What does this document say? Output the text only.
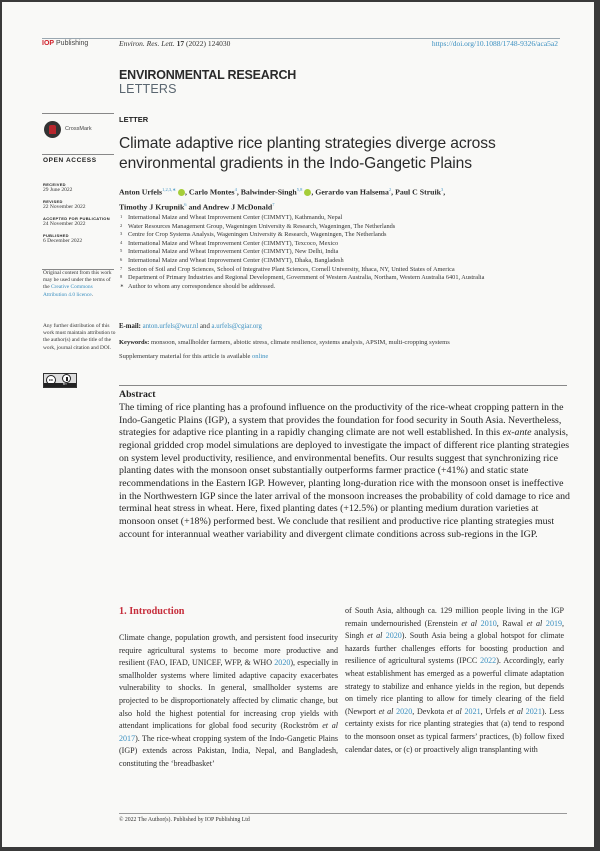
IOP Publishing	Environ. Res. Lett. 17 (2022) 124030	https://doi.org/10.1088/1748-9326/aca5a2
ENVIRONMENTAL RESEARCH
LETTERS
CrossMark
OPEN ACCESS
RECEIVED
29 June 2022
REVISED
22 November 2022
ACCEPTED FOR PUBLICATION
24 November 2022
PUBLISHED
6 December 2022
Original content from this work may be used under the terms of the Creative Commons Attribution 4.0 licence.
Any further distribution of this work must maintain attribution to the author(s) and the title of the work, journal citation and DOI.
cc
BY
LETTER
Climate adaptive rice planting strategies diverge across environmental gradients in the Indo-Gangetic Plains
Anton Urfels$^{1,2,3,∗}$ , Carlo Montes$^4$, Balwinder-Singh$^{5,8}$ , Gerardo van Halsema$^2$, Paul C Struik$^3$,
Timothy J Krupnik$^6$ and Andrew J McDonald$^7$
1 International Maize and Wheat Improvement Center (CIMMYT), Kathmandu, Nepal
2 Water Resources Management Group, Wageningen University & Research, Wageningen, The Netherlands
3 Centre for Crop Systems Analysis, Wageningen University & Research, Wageningen, The Netherlands
4 International Maize and Wheat Improvement Center (CIMMYT), Texcoco, Mexico
5 International Maize and Wheat Improvement Center (CIMMYT), New Delhi, India
6 International Maize and Wheat Improvement Center (CIMMYT), Dhaka, Bangladesh
7 Section of Soil and Crop Sciences, School of Integrative Plant Sciences, Cornell University, Ithaca, NY, United States of America
8 Department of Primary Industries and Regional Development, Government of Western Australia, Northam, Western Australia 6401, Australia
∗ Author to whom any correspondence should be addressed.
E-mail: anton.urfels@wur.nl and a.urfels@cgiar.org
Keywords: monsoon, smallholder farmers, abiotic stress, climate resilience, systems analysis, APSIM, multi-cropping systems
Supplementary material for this article is available online
Abstract
The timing of rice planting has a profound influence on the productivity of the rice-wheat cropping pattern in the Indo-Gangetic Plains (IGP), a system that provides the foundation for food security in South Asia. Nevertheless, strategies for adaptive rice planting in a rapidly changing climate are not well established. In this ex-ante analysis, regional gridded crop model simulations are deployed to investigate the impact of different rice planting strategies on system level productivity, resilience, and environmental benefits. Our results suggest that synchronizing rice planting dates with the monsoon onset substantially outperforms farmer practice (+41%) and static state recommendations in the Eastern IGP. However, planting long-duration rice with the monsoon onset is ineffective in the Northwestern IGP since the later arrival of the monsoon increases the probability of cold damage to rice and terminal heat stress in wheat. Here, fixed planting dates (+12.5%) or planting medium duration varieties at monsoon onset (+18%) performed best. We conclude that resilient and productive rice planting strategies must account for interannual weather variability and divergent climate conditions across sub-regions in the IGP.
1. Introduction
Climate change, population growth, and persistent food insecurity require agricultural systems to become more productive and resilient (FAO, IFAD, UNICEF, WFP, & WHO 2020), especially in smallholder systems where limited adaptive capacity exacerbates vulnerability to shocks. In general, smallholder systems are projected to be disproportionately affected by climatic change, but also hold the highest potential for increasing crop yields with attendant implications for global food security (Rockström et al 2017). The rice-wheat cropping system of the Indo-Gangetic Plains (IGP) extends across Pakistan, India, Nepal, and Bangladesh, constituting the ‘breadbasket’
of South Asia, although ca. 129 million people living in the IGP remain undernourished (Erenstein et al 2010, Rawal et al 2019, Singh et al 2020). South Asia being a global hotspot for climate hazards further challenges efforts for boosting production and resilience of agricultural systems (IPCC 2022). Accordingly, early wheat establishment has emerged as a powerful climate adaptation strategy to stabilize and enhance yields in the region, but depends on timely rice planting to allow for timely clearing of the field (Newport et al 2020, Devkota et al 2021, Urfels et al 2021). Less certainty exists for rice planting strategies that (a) tend to respond to the monsoon onset as typical farmers’ practices, (b) follow fixed calendar dates, or (c) or proactively align transplanting with
© 2022 The Author(s). Published by IOP Publishing Ltd
